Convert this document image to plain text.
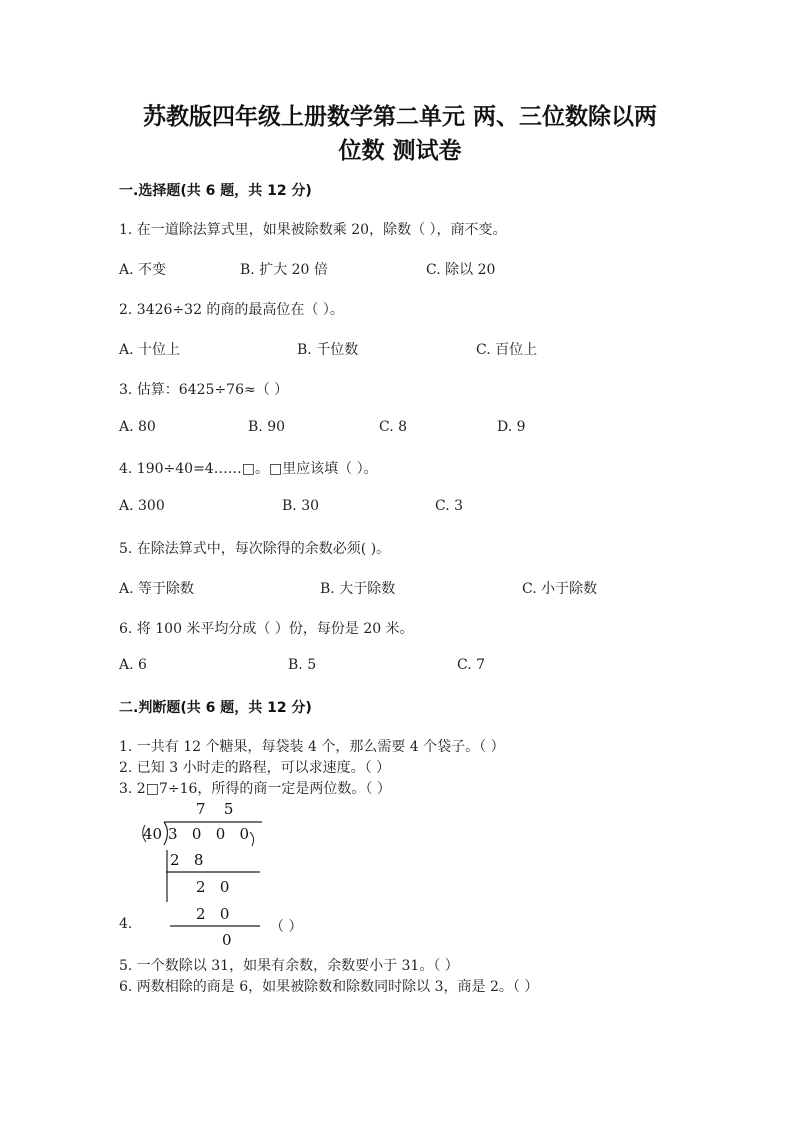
苏教版四年级上册数学第二单元 两、三位数除以两
位数 测试卷
一.选择题(共 6 题，共 12 分)
1. 在一道除法算式里，如果被除数乘 20，除数（ ），商不变。
A. 不变	B. 扩大 20 倍	C. 除以 20
2. 3426÷32 的商的最高位在（ ）。
A. 十位上	B. 千位数	C. 百位上
3. 估算：6425÷76≈（ ）
A. 80	B. 90	C. 8	D. 9
4. 190÷40=4……□。□里应该填（ ）。
A. 300	B. 30	C. 3
5. 在除法算式中，每次除得的余数必须( )。
A. 等于除数	B. 大于除数	C. 小于除数
6. 将 100 米平均分成（ ）份，每份是 20 米。
A. 6	B. 5	C. 7
二.判断题(共 6 题，共 12 分)
1. 一共有 12 个糖果，每袋装 4 个，那么需要 4 个袋子。（ ）
2. 已知 3 小时走的路程，可以求速度。（ ）
3. 2□7÷16，所得的商一定是两位数。（ ）
7   5
40 3   0   0   0
2   8
2   0
2   0
0
4.	（ ）
5. 一个数除以 31，如果有余数，余数要小于 31。（ ）
6. 两数相除的商是 6，如果被除数和除数同时除以 3，商是 2。（ ）
